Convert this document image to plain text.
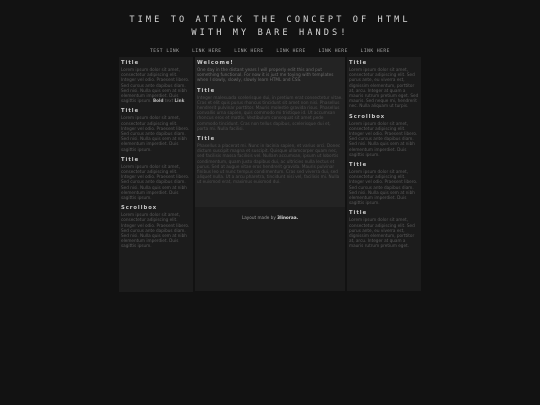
TIME TO ATTACK THE CONCEPT OF HTML
WITH MY BARE HANDS!
TEST LINK	LINK HERE	LINK HERE	LINK HERE	LINK HERE	LINK HERE
Title

Lorem ipsum dolor sit amet, consectetur adipiscing elit. Integer vel odio. Praesent libero. Sed cursus ante dapibus diam. Sed nisi. Nulla quis sem at nibh elementum imperdiet. Duis sagittis ipsum. Bold text Link

Title

Lorem ipsum dolor sit amet, consectetur adipiscing elit. Integer vel odio. Praesent libero. Sed cursus ante dapibus diam. Sed nisi. Nulla quis sem at nibh elementum imperdiet. Duis sagittis ipsum.

Title

Lorem ipsum dolor sit amet, consectetur adipiscing elit. Integer vel odio. Praesent libero. Sed cursus ante dapibus diam. Sed nisi. Nulla quis sem at nibh elementum imperdiet. Duis sagittis ipsum.

Scrollbox

Lorem ipsum dolor sit amet, consectetur adipiscing elit. Integer vel odio. Praesent libero. Sed cursus ante dapibus diam. Sed nisi. Nulla quis sem at nibh elementum imperdiet. Duis sagittis ipsum.

Welcome!

One day in the distant years I will properly edit this and put something functional. For now it is just me toying with templates when I slowly, slowly, slowly learn HTML and CSS.

Title

Integer malesuada scelerisque dui, in pretium erat consectetur vitae. Cras et elit quis purus rhoncus tincidunt sit amet non nisi. Phasellus hendrerit pulvinar porttitor. Mauris molestie gravida risus. Phasellus convallis urna sapien, quis commodo mi tristique id. Ut accumsan rhoncus eros et mattis. Vestibulum consequat sit amet pede commodo tincidunt. Cras non tellus dapibus, scelerisque dui et, porta mi. Nulla facilisi.

Title

Phasellus a placerat mi. Nunc in lacinia sapien, et varius orci. Donec dictum suscipit magna et suscipit. Quisque ullamcorper quam nec, sed facilisis massa facilisis vel. Nullam accumsan, ipsum ut lobortis condimentum, quam justo dapibus dui, ac ultricies nulla lectus et purus. Sed at augue vitae eros hendrerit gravida. Mauris pulvinar finibus leo ut nunc tempus condimentum. Cras sed viverra dui, sed aliquet nulla. Ut a arcu pharetra, tincidunt nisi vel, facilisis mi. Nulla ut euismod erat, maximus euismod dui.

Layout made by 3linoraa.
Title

Lorem ipsum dolor sit amet, consectetur adipiscing elit. Sed purus ante, eu viverra est, dignissim elementum, porttitor at, arcu. Integer at quam a mauris rutrum pretium eget. Sed mauris. Sed neque mi, hendrerit nec. Nulla aliquam ut turpis.

Scrollbox

Lorem ipsum dolor sit amet, consectetur adipiscing elit. Integer vel odio. Praesent libero. Sed cursus ante dapibus diam. Sed nisi. Nulla quis sem at nibh elementum imperdiet. Duis sagittis ipsum.

Title

Lorem ipsum dolor sit amet, consectetur adipiscing elit. Integer vel odio. Praesent libero. Sed cursus ante dapibus diam. Sed nisi. Nulla quis sem at nibh elementum imperdiet. Duis sagittis ipsum.

Title

Lorem ipsum dolor sit amet, consectetur adipiscing elit. Sed purus ante, eu viverra est, dignissim elementum, porttitor at, arcu. Integer at quam a mauris rutrum pretium eget.
